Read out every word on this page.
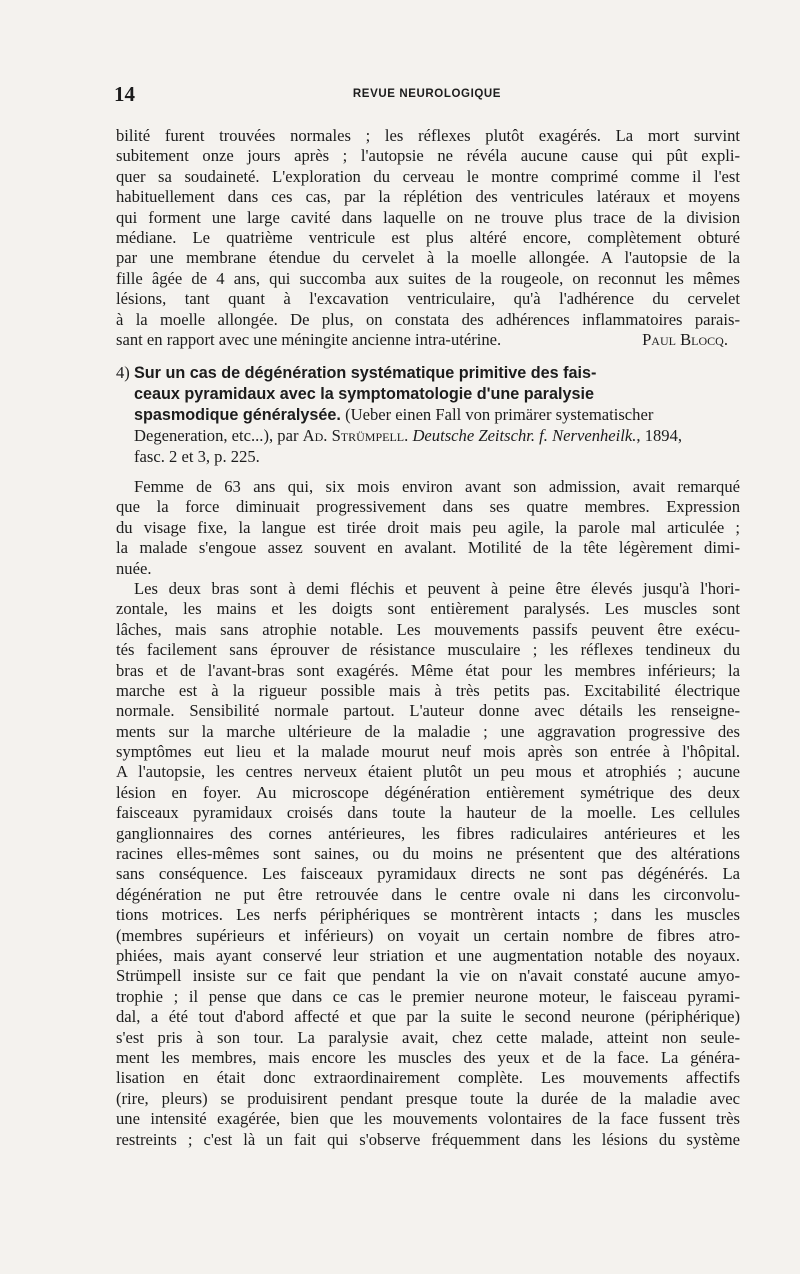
14	REVUE NEUROLOGIQUE
bilité furent trouvées normales ; les réflexes plutôt exagérés. La mort survint
subitement onze jours après ; l'autopsie ne révéla aucune cause qui pût expli-
quer sa soudaineté. L'exploration du cerveau le montre comprimé comme il l'est
habituellement dans ces cas, par la réplétion des ventricules latéraux et moyens
qui forment une large cavité dans laquelle on ne trouve plus trace de la division
médiane. Le quatrième ventricule est plus altéré encore, complètement obturé
par une membrane étendue du cervelet à la moelle allongée. A l'autopsie de la
fille âgée de 4 ans, qui succomba aux suites de la rougeole, on reconnut les mêmes
lésions, tant quant à l'excavation ventriculaire, qu'à l'adhérence du cervelet
à la moelle allongée. De plus, on constata des adhérences inflammatoires parais-
sant en rapport avec une méningite ancienne intra-utérine.	Paul Blocq.
4) Sur un cas de dégénération systématique primitive des fais-
ceaux pyramidaux avec la symptomatologie d'une paralysie
spasmodique généralysée. (Ueber einen Fall von primärer systematischer
Degeneration, etc...), par Ad. Strümpell. Deutsche Zeitschr. f. Nervenheilk., 1894,
fasc. 2 et 3, p. 225.
Femme de 63 ans qui, six mois environ avant son admission, avait remarqué
que la force diminuait progressivement dans ses quatre membres. Expression
du visage fixe, la langue est tirée droit mais peu agile, la parole mal articulée ;
la malade s'engoue assez souvent en avalant. Motilité de la tête légèrement dimi-
nuée.
Les deux bras sont à demi fléchis et peuvent à peine être élevés jusqu'à l'hori-
zontale, les mains et les doigts sont entièrement paralysés. Les muscles sont
lâches, mais sans atrophie notable. Les mouvements passifs peuvent être exécu-
tés facilement sans éprouver de résistance musculaire ; les réflexes tendineux du
bras et de l'avant-bras sont exagérés. Même état pour les membres inférieurs; la
marche est à la rigueur possible mais à très petits pas. Excitabilité électrique
normale. Sensibilité normale partout. L'auteur donne avec détails les renseigne-
ments sur la marche ultérieure de la maladie ; une aggravation progressive des
symptômes eut lieu et la malade mourut neuf mois après son entrée à l'hôpital.
A l'autopsie, les centres nerveux étaient plutôt un peu mous et atrophiés ; aucune
lésion en foyer. Au microscope dégénération entièrement symétrique des deux
faisceaux pyramidaux croisés dans toute la hauteur de la moelle. Les cellules
ganglionnaires des cornes antérieures, les fibres radiculaires antérieures et les
racines elles-mêmes sont saines, ou du moins ne présentent que des altérations
sans conséquence. Les faisceaux pyramidaux directs ne sont pas dégénérés. La
dégénération ne put être retrouvée dans le centre ovale ni dans les circonvolu-
tions motrices. Les nerfs périphériques se montrèrent intacts ; dans les muscles
(membres supérieurs et inférieurs) on voyait un certain nombre de fibres atro-
phiées, mais ayant conservé leur striation et une augmentation notable des noyaux.
Strümpell insiste sur ce fait que pendant la vie on n'avait constaté aucune amyo-
trophie ; il pense que dans ce cas le premier neurone moteur, le faisceau pyrami-
dal, a été tout d'abord affecté et que par la suite le second neurone (périphérique)
s'est pris à son tour. La paralysie avait, chez cette malade, atteint non seule-
ment les membres, mais encore les muscles des yeux et de la face. La généra-
lisation en était donc extraordinairement complète. Les mouvements affectifs
(rire, pleurs) se produisirent pendant presque toute la durée de la maladie avec
une intensité exagérée, bien que les mouvements volontaires de la face fussent très
restreints ; c'est là un fait qui s'observe fréquemment dans les lésions du système
